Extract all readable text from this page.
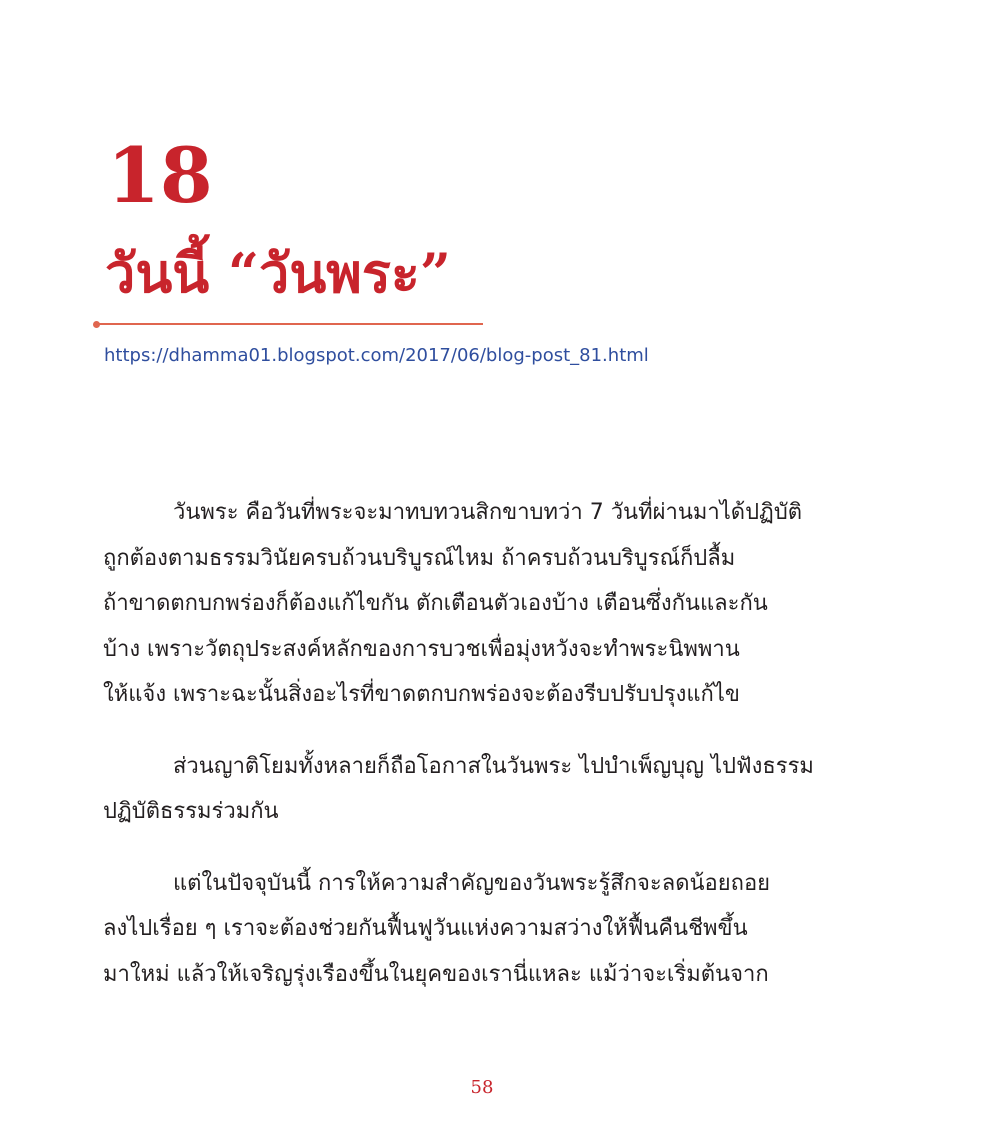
18
วันนี้ “วันพระ”
https://dhamma01.blogspot.com/2017/06/blog-post_81.html

วันพระ คือวันที่พระจะมาทบทวนสิกขาบทว่า 7 วันที่ผ่านมาได้ปฏิบัติ
ถูกต้องตามธรรมวินัยครบถ้วนบริบูรณ์ไหม ถ้าครบถ้วนบริบูรณ์ก็ปลื้ม
ถ้าขาดตกบกพร่องก็ต้องแก้ไขกัน ตักเตือนตัวเองบ้าง เตือนซึ่งกันและกัน
บ้าง เพราะวัตถุประสงค์หลักของการบวชเพื่อมุ่งหวังจะทำพระนิพพาน
ให้แจ้ง เพราะฉะนั้นสิ่งอะไรที่ขาดตกบกพร่องจะต้องรีบปรับปรุงแก้ไข

ส่วนญาติโยมทั้งหลายก็ถือโอกาสในวันพระ ไปบำเพ็ญบุญ ไปฟังธรรม
ปฏิบัติธรรมร่วมกัน

แต่ในปัจจุบันนี้ การให้ความสำคัญของวันพระรู้สึกจะลดน้อยถอย
ลงไปเรื่อย ๆ เราจะต้องช่วยกันฟื้นฟูวันแห่งความสว่างให้ฟื้นคืนชีพขึ้น
มาใหม่ แล้วให้เจริญรุ่งเรืองขึ้นในยุคของเรานี่แหละ แม้ว่าจะเริ่มต้นจาก

58
